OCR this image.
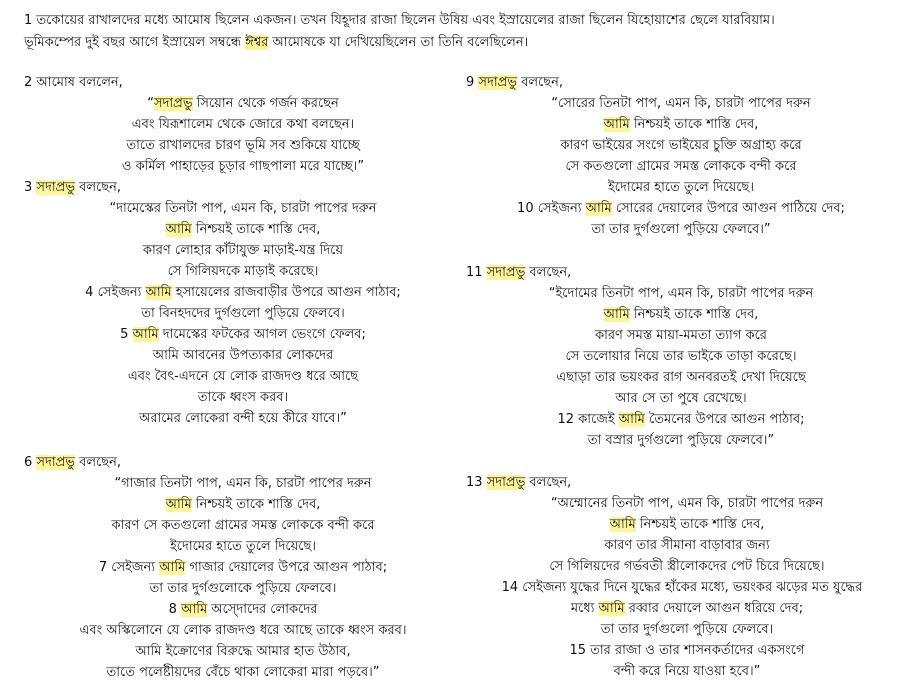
1 তকোয়ের রাখালদের মধ্যে আমোষ ছিলেন একজন। তখন যিহূদার রাজা ছিলেন উষিয় এবং ইস্রায়েলের রাজা ছিলেন যিহোয়াশের ছেলে যারবিয়াম।
ভূমিকম্পের দুই বছর আগে ইস্রায়েল সম্বন্ধে ঈশ্বর আমোষকে যা দেখিয়েছিলেন তা তিনি বলেছিলেন।
2 আমোষ বললেন,
“সদাপ্রভু সিয়োন থেকে গর্জন করছেন
এবং যিরূশালেম থেকে জোরে কথা বলছেন।
তাতে রাখালদের চারণ ভূমি সব শুকিয়ে যাচ্ছে
ও কর্মিল পাহাড়ের চূড়ার গাছপালা মরে যাচ্ছে।”
3 সদাপ্রভু বলছেন,
“দামেস্কের তিনটা পাপ, এমন কি, চারটা পাপের দরুন
আমি নিশ্চয়ই তাকে শাস্তি দেব,
কারণ লোহার কাঁটাযুক্ত মাড়াই-যন্ত্র দিয়ে
সে গিলিয়দকে মাড়াই করেছে।
4 সেইজন্য আমি হসায়েলের রাজবাড়ীর উপরে আগুন পাঠাব;
তা বিনহদদের দুর্গগুলো পুড়িয়ে ফেলবে।
5 আমি দামেস্কের ফটকের আগল ভেংগে ফেলব;
আমি আবনের উপত্যকার লোকদের
এবং বৈৎ-এদনে যে লোক রাজদণ্ড ধরে আছে
তাকে ধ্বংস করব।
অরামের লোকেরা বন্দী হয়ে কীরে যাবে।”
6 সদাপ্রভু বলছেন,
“গাজার তিনটা পাপ, এমন কি, চারটা পাপের দরুন
আমি নিশ্চয়ই তাকে শাস্তি দেব,
কারণ সে কতগুলো গ্রামের সমস্ত লোককে বন্দী করে
ইদোমের হাতে তুলে দিয়েছে।
7 সেইজন্য আমি গাজার দেয়ালের উপরে আগুন পাঠাব;
তা তার দুর্গগুলোকে পুড়িয়ে ফেলবে।
8 আমি অস্দোদের লোকদের
এবং অস্কিলোনে যে লোক রাজদণ্ড ধরে আছে তাকে ধ্বংস করব।
আমি ইক্রোণের বিরুদ্ধে আমার হাত উঠাব,
তাতে পলেষ্টীয়দের বেঁচে থাকা লোকেরা মারা পড়বে।”
9 সদাপ্রভু বলছেন,
“সোরের তিনটা পাপ, এমন কি, চারটা পাপের দরুন
আমি নিশ্চয়ই তাকে শাস্তি দেব,
কারণ ভাইয়ের সংগে ভাইয়ের চুক্তি অগ্রাহ্য করে
সে কতগুলো গ্রামের সমস্ত লোককে বন্দী করে
ইদোমের হাতে তুলে দিয়েছে।
10 সেইজন্য আমি সোরের দেয়ালের উপরে আগুন পাঠিয়ে দেব;
তা তার দুর্গগুলো পুড়িয়ে ফেলবে।”
11 সদাপ্রভু বলছেন,
“ইদোমের তিনটা পাপ, এমন কি, চারটা পাপের দরুন
আমি নিশ্চয়ই তাকে শাস্তি দেব,
কারণ সমস্ত মায়া-মমতা ত্যাগ করে
সে তলোয়ার নিয়ে তার ভাইকে তাড়া করেছে।
এছাড়া তার ভয়ংকর রাগ অনবরতই দেখা দিয়েছে
আর সে তা পুষে রেখেছে।
12 কাজেই আমি তৈমনের উপরে আগুন পাঠাব;
তা বস্রার দুর্গগুলো পুড়িয়ে ফেলবে।”
13 সদাপ্রভু বলছেন,
“অম্মোনের তিনটা পাপ, এমন কি, চারটা পাপের দরুন
আমি নিশ্চয়ই তাকে শাস্তি দেব,
কারণ তার সীমানা বাড়াবার জন্য
সে গিলিয়দের গর্ভবতী স্ত্রীলোকদের পেট চিরে দিয়েছে।
14 সেইজন্য যুদ্ধের দিনে যুদ্ধের হাঁকের মধ্যে, ভয়ংকর ঝড়ের মত যুদ্ধের
মধ্যে আমি রব্বার দেয়ালে আগুন ধরিয়ে দেব;
তা তার দুর্গগুলো পুড়িয়ে ফেলবে।
15 তার রাজা ও তার শাসনকর্তাদের একসংগে
বন্দী করে নিয়ে যাওয়া হবে।”
